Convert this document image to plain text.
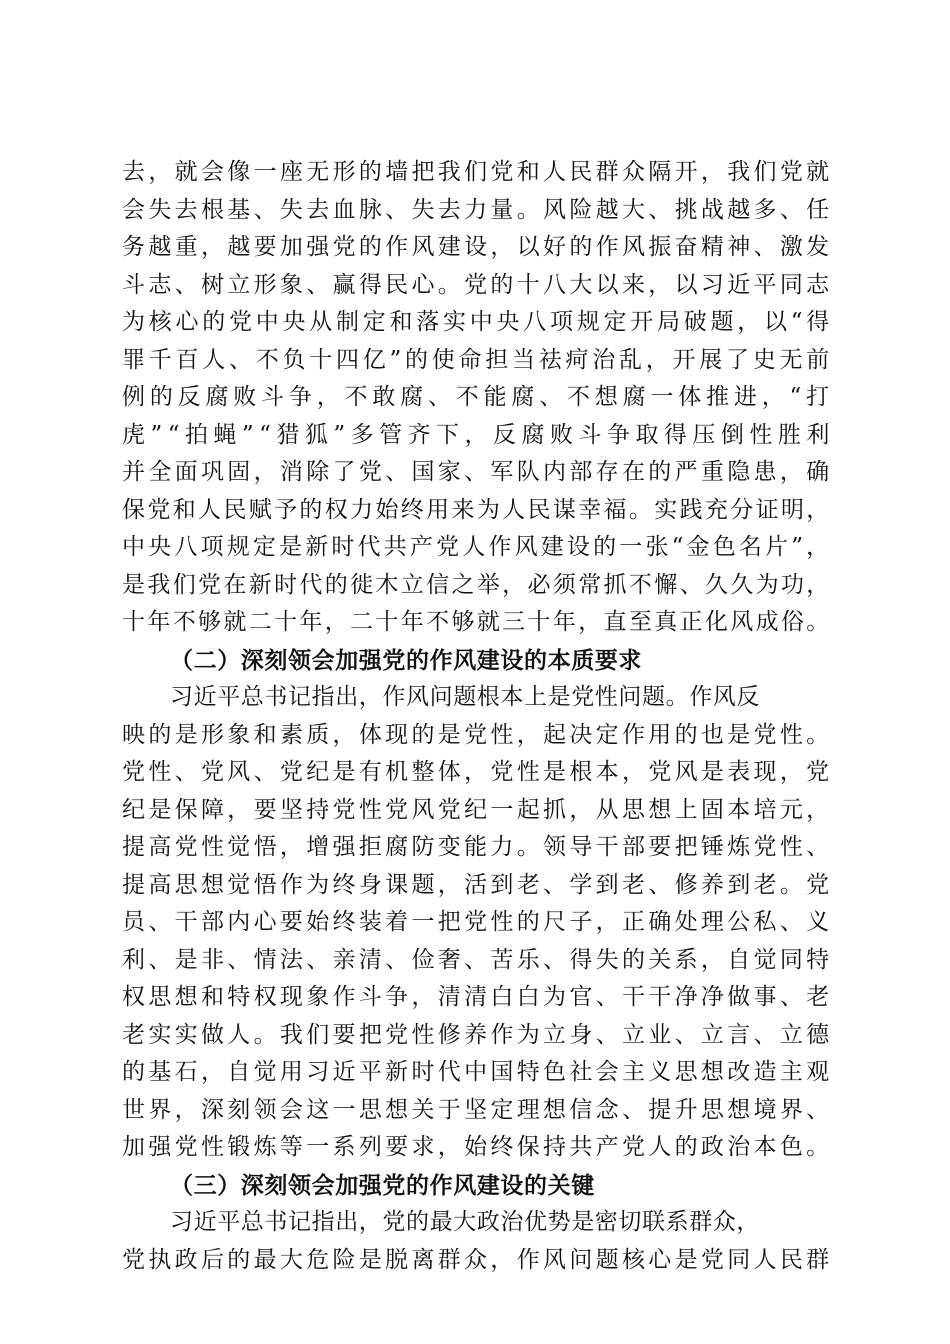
去 ， 就 会 像 一 座 无 形 的 墙 把 我 们 党 和 人 民 群 众 隔 开 ， 我 们 党 就
会 失 去 根 基 、 失 去 血 脉 、 失 去 力 量 。 风 险 越 大 、 挑 战 越 多 、 任
务 越 重 ， 越 要 加 强 党 的 作 风 建 设 ， 以 好 的 作 风 振 奋 精 神 、 激 发
斗 志 、 树 立 形 象 、 赢 得 民 心 。 党 的 十 八 大 以 来 ， 以 习 近 平 同 志
为 核 心 的 党 中 央 从 制 定 和 落 实 中 央 八 项 规 定 开 局 破 题 ， 以 “ 得
罪 千 百 人 、 不 负 十 四 亿 ” 的 使 命 担 当 祛 疴 治 乱 ， 开 展 了 史 无 前
例 的 反 腐 败 斗 争 ， 不 敢 腐 、 不 能 腐 、 不 想 腐 一 体 推 进 ， “ 打
虎 ” “ 拍 蝇 ” “ 猎 狐 ” 多 管 齐 下 ， 反 腐 败 斗 争 取 得 压 倒 性 胜 利
并 全 面 巩 固 ， 消 除 了 党 、 国 家 、 军 队 内 部 存 在 的 严 重 隐 患 ， 确
保 党 和 人 民 赋 予 的 权 力 始 终 用 来 为 人 民 谋 幸 福 。 实 践 充 分 证 明 ，
中 央 八 项 规 定 是 新 时 代 共 产 党 人 作 风 建 设 的 一 张 “ 金 色 名 片 ” ，
是 我 们 党 在 新 时 代 的 徙 木 立 信 之 举 ， 必 须 常 抓 不 懈 、 久 久 为 功 ，
十 年 不 够 就 二 十 年 ， 二 十 年 不 够 就 三 十 年 ， 直 至 真 正 化 风 成 俗 。
（二）深刻领会加强党的作风建设的本质要求
习近平总书记指出，作风问题根本上是党性问题。作风反
映 的 是 形 象 和 素 质 ， 体 现 的 是 党 性 ， 起 决 定 作 用 的 也 是 党 性 。
党 性 、 党 风 、 党 纪 是 有 机 整 体 ， 党 性 是 根 本 ， 党 风 是 表 现 ， 党
纪 是 保 障 ， 要 坚 持 党 性 党 风 党 纪 一 起 抓 ， 从 思 想 上 固 本 培 元 ，
提 高 党 性 觉 悟 ， 增 强 拒 腐 防 变 能 力 。 领 导 干 部 要 把 锤 炼 党 性 、
提 高 思 想 觉 悟 作 为 终 身 课 题 ， 活 到 老 、 学 到 老 、 修 养 到 老 。 党
员 、 干 部 内 心 要 始 终 装 着 一 把 党 性 的 尺 子 ， 正 确 处 理 公 私 、 义
利 、 是 非 、 情 法 、 亲 清 、 俭 奢 、 苦 乐 、 得 失 的 关 系 ， 自 觉 同 特
权 思 想 和 特 权 现 象 作 斗 争 ， 清 清 白 白 为 官 、 干 干 净 净 做 事 、 老
老 实 实 做 人 。 我 们 要 把 党 性 修 养 作 为 立 身 、 立 业 、 立 言 、 立 德
的 基 石 ， 自 觉 用 习 近 平 新 时 代 中 国 特 色 社 会 主 义 思 想 改 造 主 观
世 界 ， 深 刻 领 会 这 一 思 想 关 于 坚 定 理 想 信 念 、 提 升 思 想 境 界 、
加 强 党 性 锻 炼 等 一 系 列 要 求 ， 始 终 保 持 共 产 党 人 的 政 治 本 色 。
（三）深刻领会加强党的作风建设的关键
习近平总书记指出，党的最大政治优势是密切联系群众，
党 执 政 后 的 最 大 危 险 是 脱 离 群 众 ， 作 风 问 题 核 心 是 党 同 人 民 群
